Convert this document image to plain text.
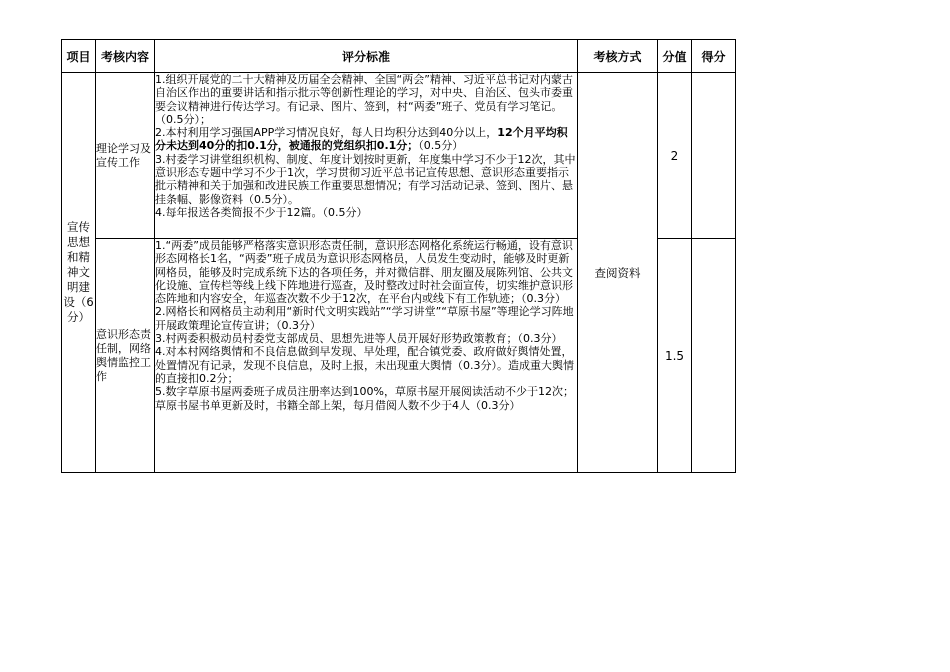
项目	考核内容	评分标准	考核方式	分值	得分
宣传思想和精神文明建设（6分）	理论学习及宣传工作	1.组织开展党的二十大精神及历届全会精神、全国“两会”精神、习近平总书记对内蒙古自治区作出的重要讲话和指示批示等创新性理论的学习，对中央、自治区、包头市委重要会议精神进行传达学习。有记录、图片、签到，村“两委”班子、党员有学习笔记。（0.5分）；
2.本村利用学习强国APP学习情况良好，每人日均积分达到40分以上，12个月平均积分未达到40分的扣0.1分，被通报的党组织扣0.1分；（0.5分）
3.村委学习讲堂组织机构、制度、年度计划按时更新，年度集中学习不少于12次，其中意识形态专题中学习不少于1次，学习贯彻习近平总书记宣传思想、意识形态重要指示批示精神和关于加强和改进民族工作重要思想情况；有学习活动记录、签到、图片、悬挂条幅、影像资料（0.5分）。
4.每年报送各类简报不少于12篇。（0.5分）	查阅资料	2	
	意识形态责任制，网络舆情监控工作	1.“两委”成员能够严格落实意识形态责任制，意识形态网格化系统运行畅通，设有意识形态网格长1名，“两委”班子成员为意识形态网格员，人员发生变动时，能够及时更新网格员，能够及时完成系统下达的各项任务，并对微信群、朋友圈及展陈列馆、公共文化设施、宣传栏等线上线下阵地进行巡查，及时整改过时社会面宣传，切实维护意识形态阵地和内容安全，年巡查次数不少于12次，在平台内或线下有工作轨迹；（0.3分）
2.网格长和网格员主动利用“新时代文明实践站”“学习讲堂”“草原书屋”等理论学习阵地开展政策理论宣传宣讲；（0.3分）
3.村两委积极动员村委党支部成员、思想先进等人员开展好形势政策教育；（0.3分）
4.对本村网络舆情和不良信息做到早发现、早处理，配合镇党委、政府做好舆情处置，处置情况有记录，发现不良信息，及时上报，未出现重大舆情（0.3分）。造成重大舆情的直接扣0.2分；
5.数字草原书屋两委班子成员注册率达到100%，草原书屋开展阅读活动不少于12次；草原书屋书单更新及时，书籍全部上架，每月借阅人数不少于4人（0.3分）		1.5	
